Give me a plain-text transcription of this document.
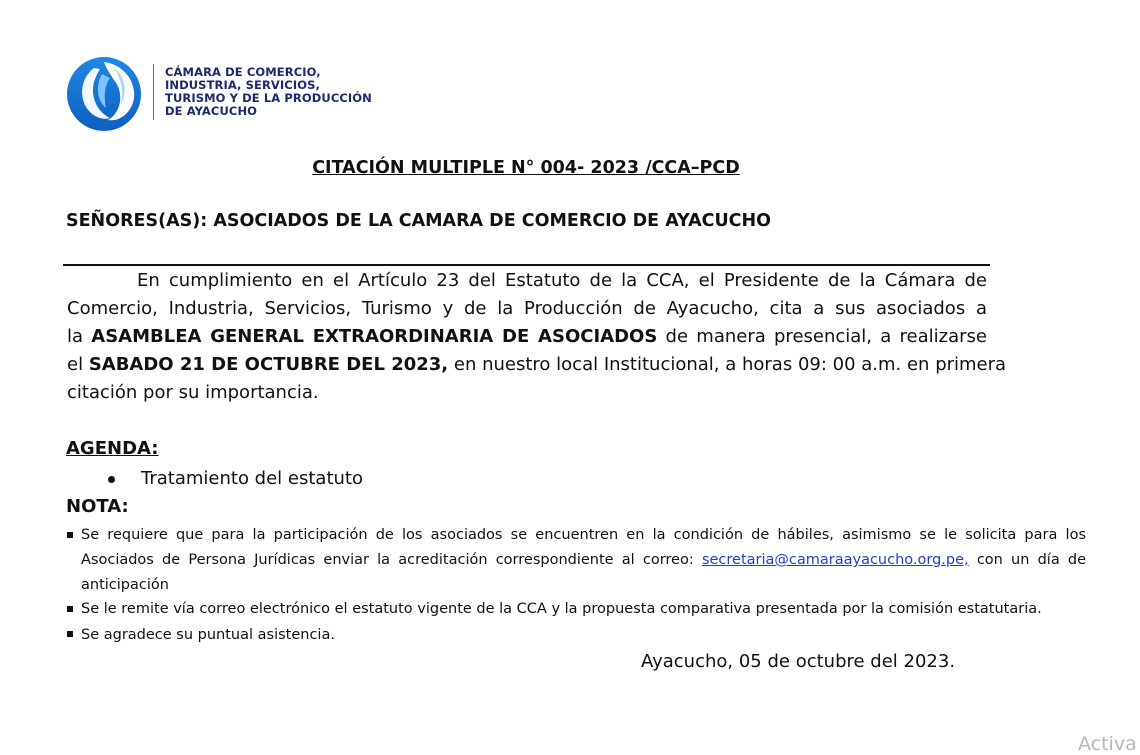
CÁMARA DE COMERCIO,
INDUSTRIA, SERVICIOS,
TURISMO Y DE LA PRODUCCIÓN
DE AYACUCHO
CITACIÓN MULTIPLE N° 004- 2023 /CCA–PCD
SEÑORES(AS): ASOCIADOS DE LA CAMARA DE COMERCIO DE AYACUCHO
En cumplimiento en el Artículo 23 del Estatuto de la CCA, el Presidente de la Cámara de
Comercio, Industria, Servicios, Turismo y de la Producción de Ayacucho, cita a sus asociados a
la ASAMBLEA GENERAL EXTRAORDINARIA DE ASOCIADOS de manera presencial, a realizarse
el SABADO 21 DE OCTUBRE DEL 2023, en nuestro local Institucional, a horas 09: 00 a.m. en primera
citación por su importancia.
AGENDA:
Tratamiento del estatuto
NOTA:
Se requiere que para la participación de los asociados se encuentren en la condición de hábiles, asimismo se le solicita para los
Asociados de Persona Jurídicas enviar la acreditación correspondiente al correo: secretaria@camaraayacucho.org.pe, con un día de
anticipación
Se le remite vía correo electrónico el estatuto vigente de la CCA y la propuesta comparativa presentada por la comisión estatutaria.
Se agradece su puntual asistencia.
Ayacucho, 05 de octubre del 2023.
Activa
